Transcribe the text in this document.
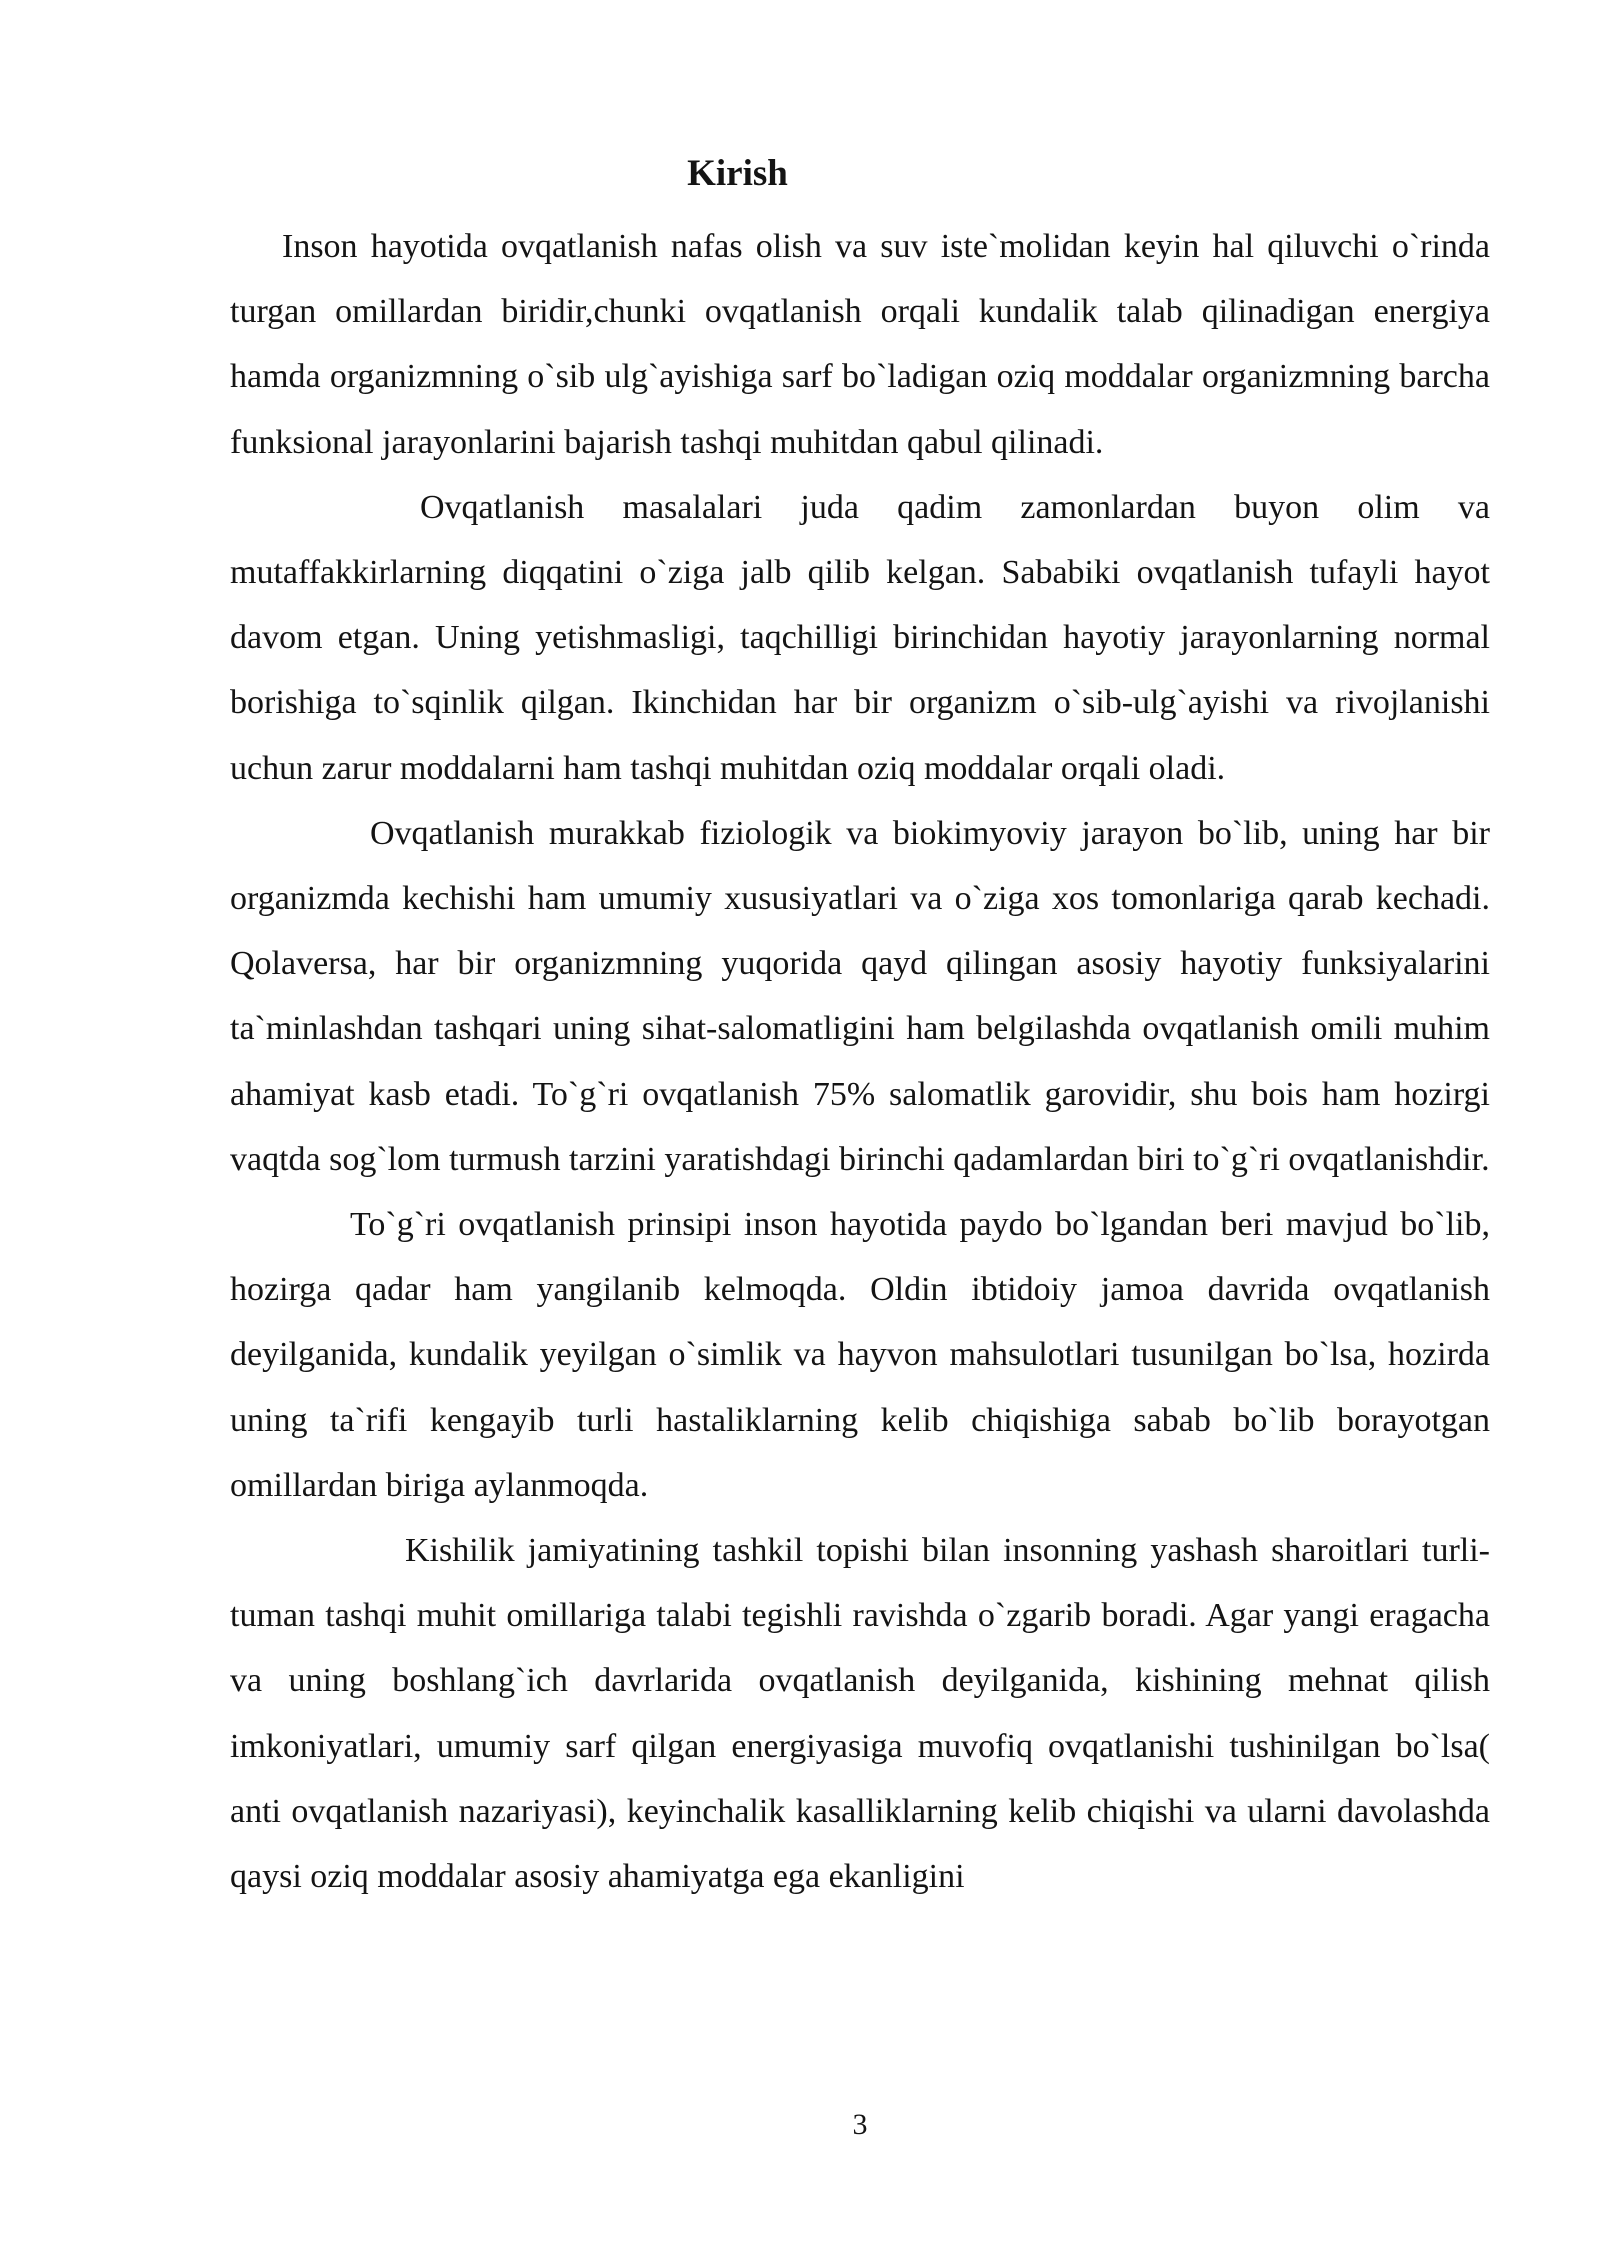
Kirish

Inson hayotida ovqatlanish nafas olish va suv iste`molidan keyin hal qiluvchi o`rinda turgan omillardan biridir,chunki ovqatlanish orqali kundalik talab qilinadigan energiya hamda organizmning o`sib ulg`ayishiga sarf bo`ladigan oziq moddalar organizmning barcha funksional jarayonlarini bajarish tashqi muhitdan qabul qilinadi.

Ovqatlanish masalalari juda qadim zamonlardan buyon olim va mutaffakkirlarning diqqatini o`ziga jalb qilib kelgan. Sababiki ovqatlanish tufayli hayot davom etgan. Uning yetishmasligi, taqchilligi birinchidan hayotiy jarayonlarning normal borishiga to`sqinlik qilgan. Ikinchidan har bir organizm o`sib-ulg`ayishi va rivojlanishi uchun zarur moddalarni ham tashqi muhitdan oziq moddalar orqali oladi.

Ovqatlanish murakkab fiziologik va biokimyoviy jarayon bo`lib, uning har bir organizmda kechishi ham umumiy xususiyatlari va o`ziga xos tomonlariga qarab kechadi. Qolaversa, har bir organizmning yuqorida qayd qilingan asosiy hayotiy funksiyalarini ta`minlashdan tashqari uning sihat-salomatligini ham belgilashda ovqatlanish omili muhim ahamiyat kasb etadi. To`g`ri ovqatlanish 75% salomatlik garovidir, shu bois ham hozirgi vaqtda sog`lom turmush tarzini yaratishdagi birinchi qadamlardan biri to`g`ri ovqatlanishdir.

To`g`ri ovqatlanish prinsipi inson hayotida paydo bo`lgandan beri mavjud bo`lib, hozirga qadar ham yangilanib kelmoqda. Oldin ibtidoiy jamoa davrida ovqatlanish deyilganida, kundalik yeyilgan o`simlik va hayvon mahsulotlari tusunilgan bo`lsa, hozirda uning ta`rifi kengayib turli hastaliklarning kelib chiqishiga sabab bo`lib borayotgan omillardan biriga aylanmoqda.

Kishilik jamiyatining tashkil topishi bilan insonning yashash sharoitlari turli-tuman tashqi muhit omillariga talabi tegishli ravishda o`zgarib boradi. Agar yangi eragacha va uning boshlang`ich davrlarida ovqatlanish deyilganida, kishining mehnat qilish imkoniyatlari, umumiy sarf qilgan energiyasiga muvofiq ovqatlanishi tushinilgan bo`lsa( anti ovqatlanish nazariyasi), keyinchalik kasalliklarning kelib chiqishi va ularni davolashda qaysi oziq moddalar asosiy ahamiyatga ega ekanligini

3
